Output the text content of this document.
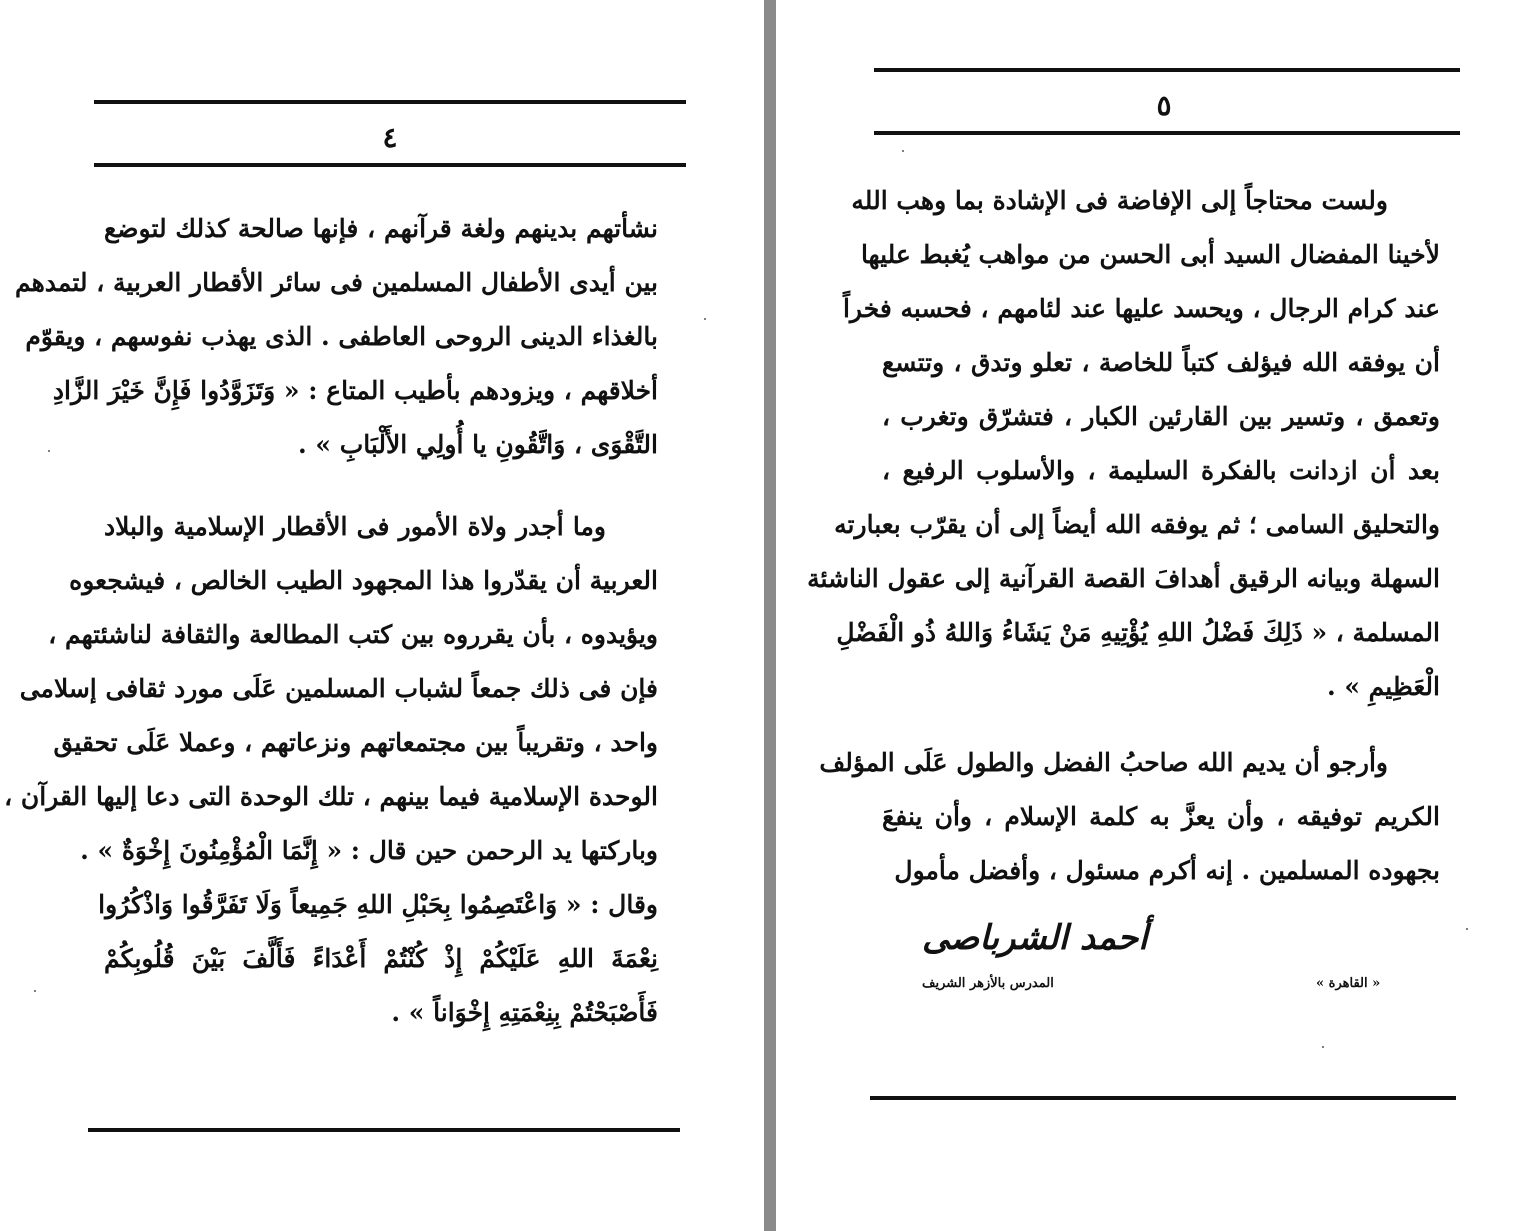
٤
نشأتهم بدينهم ولغة قرآنهم ، فإنها صالحة كذلك لتوضع
بين أيدى الأطفال المسلمين فى سائر الأقطار العربية ، لتمدهم
بالغذاء الدينى الروحى العاطفى . الذى يهذب نفوسهم ، ويقوّم
أخلاقهم ، ويزودهم بأطيب المتاع : « وَتَزَوَّدُوا فَإِنَّ خَيْرَ الزَّادِ
التَّقْوَى ، وَاتَّقُونِ يا أُولِي الأَلْبَابِ » .
وما أجدر ولاة الأمور فى الأقطار الإسلامية والبلاد
العربية أن يقدّروا هذا المجهود الطيب الخالص ، فيشجعوه
ويؤيدوه ، بأن يقرروه بين كتب المطالعة والثقافة لناشئتهم ،
فإن فى ذلك جمعاً لشباب المسلمين عَلَى مورد ثقافى إسلامى
واحد ، وتقريباً بين مجتمعاتهم ونزعاتهم ، وعملا عَلَى تحقيق
الوحدة الإسلامية فيما بينهم ، تلك الوحدة التى دعا إليها القرآن ،
وباركتها يد الرحمن حين قال : « إِنَّمَا الْمُؤْمِنُونَ إِخْوَةٌ » .
وقال : « وَاعْتَصِمُوا بِحَبْلِ اللهِ جَمِيعاً وَلَا تَفَرَّقُوا وَاذْكُرُوا
نِعْمَةَ اللهِ عَلَيْكُمْ إِذْ كُنْتُمْ أَعْدَاءً فَأَلَّفَ بَيْنَ قُلُوبِكُمْ
فَأَصْبَحْتُمْ بِنِعْمَتِهِ إِخْوَاناً » .
٥
ولست محتاجاً إلى الإفاضة فى الإشادة بما وهب الله
لأخينا المفضال السيد أبى الحسن من مواهب يُغبط عليها
عند كرام الرجال ، ويحسد عليها عند لئامهم ، فحسبه فخراً
أن يوفقه الله فيؤلف كتباً للخاصة ، تعلو وتدق ، وتتسع
وتعمق ، وتسير بين القارئين الكبار ، فتشرّق وتغرب ،
بعد أن ازدانت بالفكرة السليمة ، والأسلوب الرفيع ،
والتحليق السامى ؛ ثم يوفقه الله أيضاً إلى أن يقرّب بعبارته
السهلة وبيانه الرقيق أهدافَ القصة القرآنية إلى عقول الناشئة
المسلمة ، « ذَلِكَ فَضْلُ اللهِ يُؤْتِيهِ مَنْ يَشَاءُ وَاللهُ ذُو الْفَضْلِ
الْعَظِيمِ » .
وأرجو أن يديم الله صاحبُ الفضل والطول عَلَى المؤلف
الكريم توفيقه ، وأن يعزَّ به كلمة الإسلام ، وأن ينفعَ
بجهوده المسلمين . إنه أكرم مسئول ، وأفضل مأمول
أحمد الشرباصى
المدرس بالأزهر الشريف	« القاهرة »
